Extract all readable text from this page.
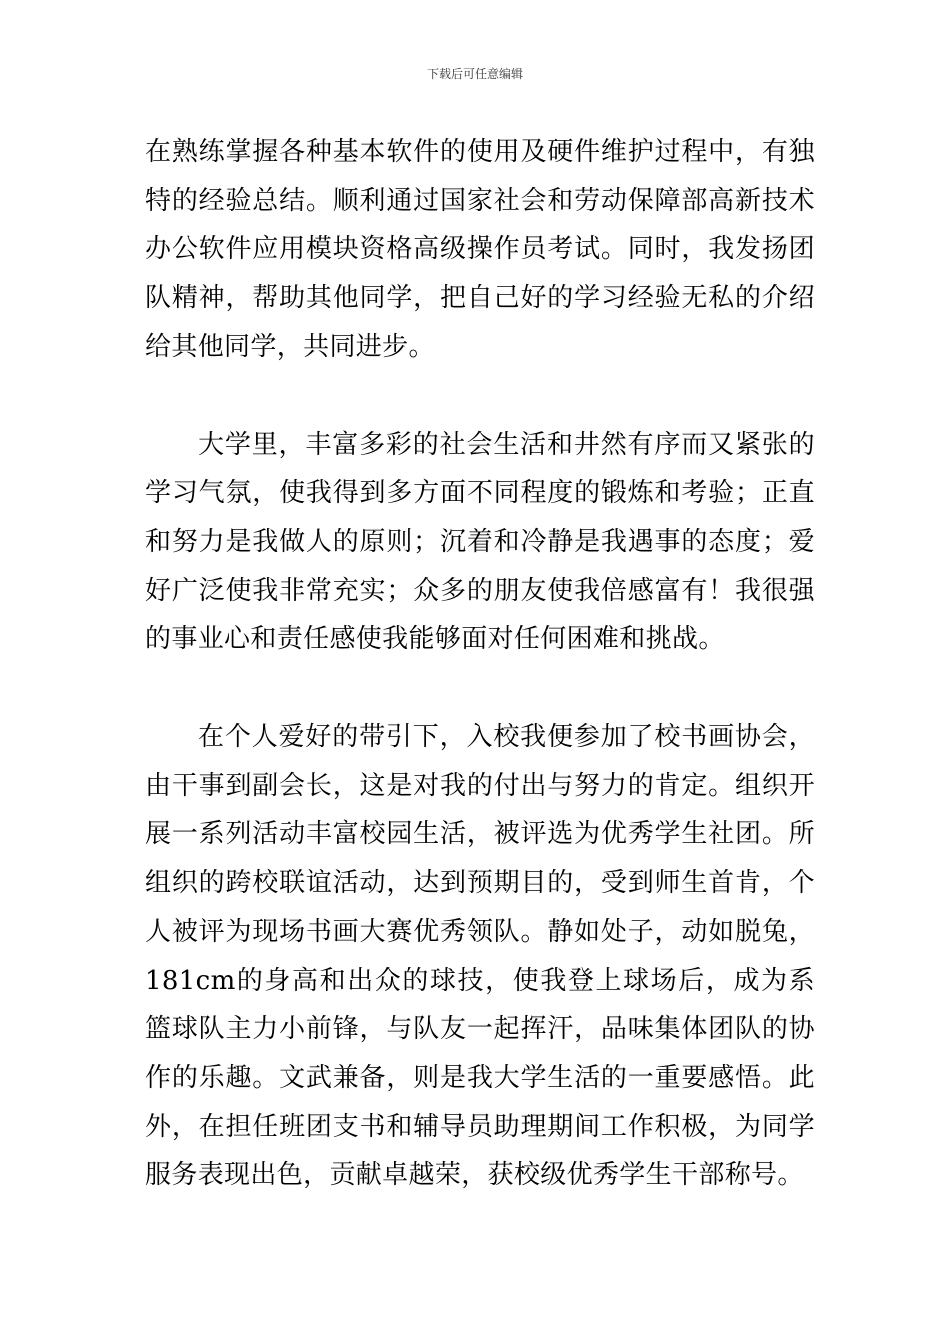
下载后可任意编辑

在熟练掌握各种基本软件的使用及硬件维护过程中，有独特的经验总结。顺利通过国家社会和劳动保障部高新技术办公软件应用模块资格高级操作员考试。同时，我发扬团队精神，帮助其他同学，把自己好的学习经验无私的介绍给其他同学，共同进步。

大学里，丰富多彩的社会生活和井然有序而又紧张的学习气氛，使我得到多方面不同程度的锻炼和考验；正直和努力是我做人的原则；沉着和冷静是我遇事的态度；爱好广泛使我非常充实；众多的朋友使我倍感富有！我很强的事业心和责任感使我能够面对任何困难和挑战。

在个人爱好的带引下，入校我便参加了校书画协会，由干事到副会长，这是对我的付出与努力的肯定。组织开展一系列活动丰富校园生活，被评选为优秀学生社团。所组织的跨校联谊活动，达到预期目的，受到师生首肯，个人被评为现场书画大赛优秀领队。静如处子，动如脱兔，181cm的身高和出众的球技，使我登上球场后，成为系篮球队主力小前锋，与队友一起挥汗，品味集体团队的协作的乐趣。文武兼备，则是我大学生活的一重要感悟。此外，在担任班团支书和辅导员助理期间工作积极，为同学服务表现出色，贡献卓越荣，获校级优秀学生干部称号。
